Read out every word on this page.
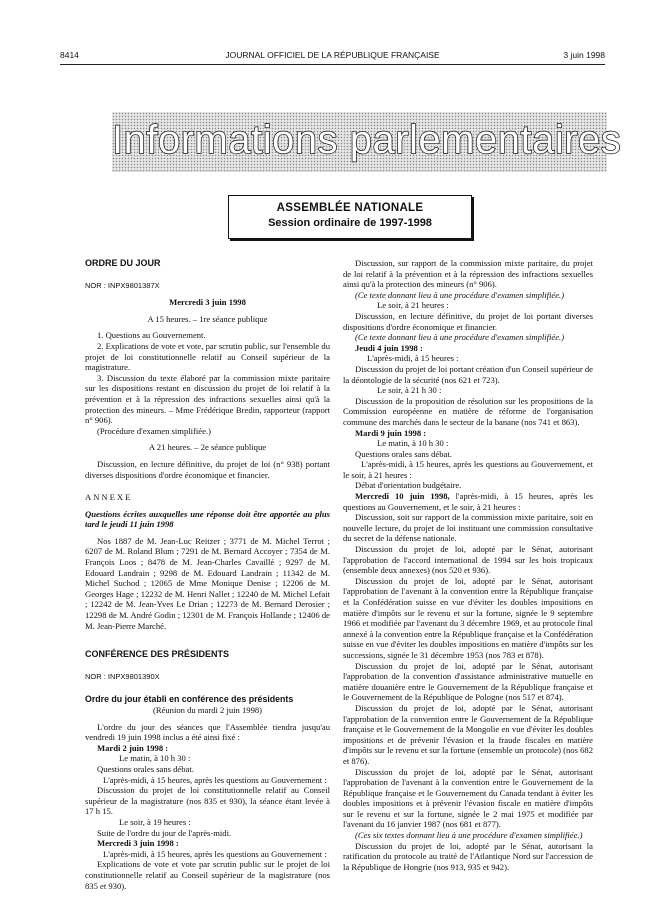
8414	JOURNAL OFFICIEL DE LA RÉPUBLIQUE FRANÇAISE	3 juin 1998
Informations parlementaires
ASSEMBLÉE NATIONALE
Session ordinaire de 1997-1998

ORDRE DU JOUR

NOR : INPX9801387X

Mercredi 3 juin 1998

A 15 heures. – 1re séance publique

1. Questions au Gouvernement.

2. Explications de vote et vote, par scrutin public, sur l'ensemble du projet de loi constitutionnelle relatif au Conseil supérieur de la magistrature.

3. Discussion du texte élaboré par la commission mixte paritaire sur les dispositions restant en discussion du projet de loi relatif à la prévention et à la répression des infractions sexuelles ainsi qu'à la protection des mineurs. – Mme Frédérique Bredin, rapporteur (rapport n° 906).

(Procédure d'examen simplifiée.)

A 21 heures. – 2e séance publique

Discussion, en lecture définitive, du projet de loi (n° 938) portant diverses dispositions d'ordre économique et financier.

ANNEXE

Questions écrites auxquelles une réponse doit être apportée au plus tard le jeudi 11 juin 1998

Nos 1887 de M. Jean-Luc Reitzer ; 3771 de M. Michel Terrot ; 6207 de M. Roland Blum ; 7291 de M. Bernard Accoyer ; 7354 de M. François Loos ; 8478 de M. Jean-Charles Cavaillé ; 9297 de M. Edouard Landrain ; 9298 de M. Edouard Landrain ; 11342 de M. Michel Suchod ; 12065 de Mme Monique Denise ; 12206 de M. Georges Hage ; 12232 de M. Henri Nallet ; 12240 de M. Michel Lefait ; 12242 de M. Jean-Yves Le Drian ; 12273 de M. Bernard Derosier ; 12298 de M. André Godin ; 12301 de M. François Hollande ; 12406 de M. Jean-Pierre Marché.

CONFÉRENCE DES PRÉSIDENTS

NOR : INPX9801390X

Ordre du jour établi en conférence des présidents

(Réunion du mardi 2 juin 1998)

L'ordre du jour des séances que l'Assemblée tiendra jusqu'au vendredi 19 juin 1998 inclus a été ainsi fixé :

Mardi 2 juin 1998 :

Le matin, à 10 h 30 :

Questions orales sans débat.

L'après-midi, à 15 heures, après les questions au Gouvernement :

Discussion du projet de loi constitutionnelle relatif au Conseil supérieur de la magistrature (nos 835 et 930), la séance étant levée à 17 h 15.

Le soir, à 19 heures :

Suite de l'ordre du jour de l'après-midi.

Mercredi 3 juin 1998 :

L'après-midi, à 15 heures, après les questions au Gouvernement :

Explications de vote et vote par scrutin public sur le projet de loi constitutionnelle relatif au Conseil supérieur de la magistrature (nos 835 et 930).

Discussion, sur rapport de la commission mixte paritaire, du projet de loi relatif à la prévention et à la répression des infractions sexuelles ainsi qu'à la protection des mineurs (n° 906).

(Ce texte donnant lieu à une procédure d'examen simplifiée.)

Le soir, à 21 heures :

Discussion, en lecture définitive, du projet de loi portant diverses dispositions d'ordre économique et financier.

(Ce texte donnant lieu à une procédure d'examen simplifiée.)

Jeudi 4 juin 1998 :

L'après-midi, à 15 heures :

Discussion du projet de loi portant création d'un Conseil supérieur de la déontologie de la sécurité (nos 621 et 723).

Le soir, à 21 h 30 :

Discussion de la proposition de résolution sur les propositions de la Commission européenne en matière de réforme de l'organisation commune des marchés dans le secteur de la banane (nos 741 et 863).

Mardi 9 juin 1998 :

Le matin, à 10 h 30 :

Questions orales sans débat.

L'après-midi, à 15 heures, après les questions au Gouvernement, et le soir, à 21 heures :

Débat d'orientation budgétaire.

Mercredi 10 juin 1998, l'après-midi, à 15 heures, après les questions au Gouvernement, et le soir, à 21 heures :

Discussion, soit sur rapport de la commission mixte paritaire, soit en nouvelle lecture, du projet de loi instituant une commission consultative du secret de la défense nationale.

Discussion du projet de loi, adopté par le Sénat, autorisant l'approbation de l'accord international de 1994 sur les bois tropicaux (ensemble deux annexes) (nos 520 et 936).

Discussion du projet de loi, adopté par le Sénat, autorisant l'approbation de l'avenant à la convention entre la République française et la Confédération suisse en vue d'éviter les doubles impositions en matière d'impôts sur le revenu et sur la fortune, signée le 9 septembre 1966 et modifiée par l'avenant du 3 décembre 1969, et au protocole final annexé à la convention entre la République française et la Confédération suisse en vue d'éviter les doubles impositions en matière d'impôts sur les successions, signée le 31 décembre 1953 (nos 783 et 878).

Discussion du projet de loi, adopté par le Sénat, autorisant l'approbation de la convention d'assistance administrative mutuelle en matière douanière entre le Gouvernement de la République française et le Gouvernement de la République de Pologne (nos 517 et 874).

Discussion du projet de loi, adopté par le Sénat, autorisant l'approbation de la convention entre le Gouvernement de la République française et le Gouvernement de la Mongolie en vue d'éviter les doubles impositions et de prévenir l'évasion et la fraude fiscales en matière d'impôts sur le revenu et sur la fortune (ensemble un protocole) (nos 682 et 876).

Discussion du projet de loi, adopté par le Sénat, autorisant l'approbation de l'avenant à la convention entre le Gouvernement de la République française et le Gouvernement du Canada tendant à éviter les doubles impositions et à prévenir l'évasion fiscale en matière d'impôts sur le revenu et sur la fortune, signée le 2 mai 1975 et modifiée par l'avenant du 16 janvier 1987 (nos 681 et 877).

(Ces six textes donnant lieu à une procédure d'examen simplifiée.)

Discussion du projet de loi, adopté par le Sénat, autorisant la ratification du protocole au traité de l'Atlantique Nord sur l'accession de la République de Hongrie (nos 913, 935 et 942).
